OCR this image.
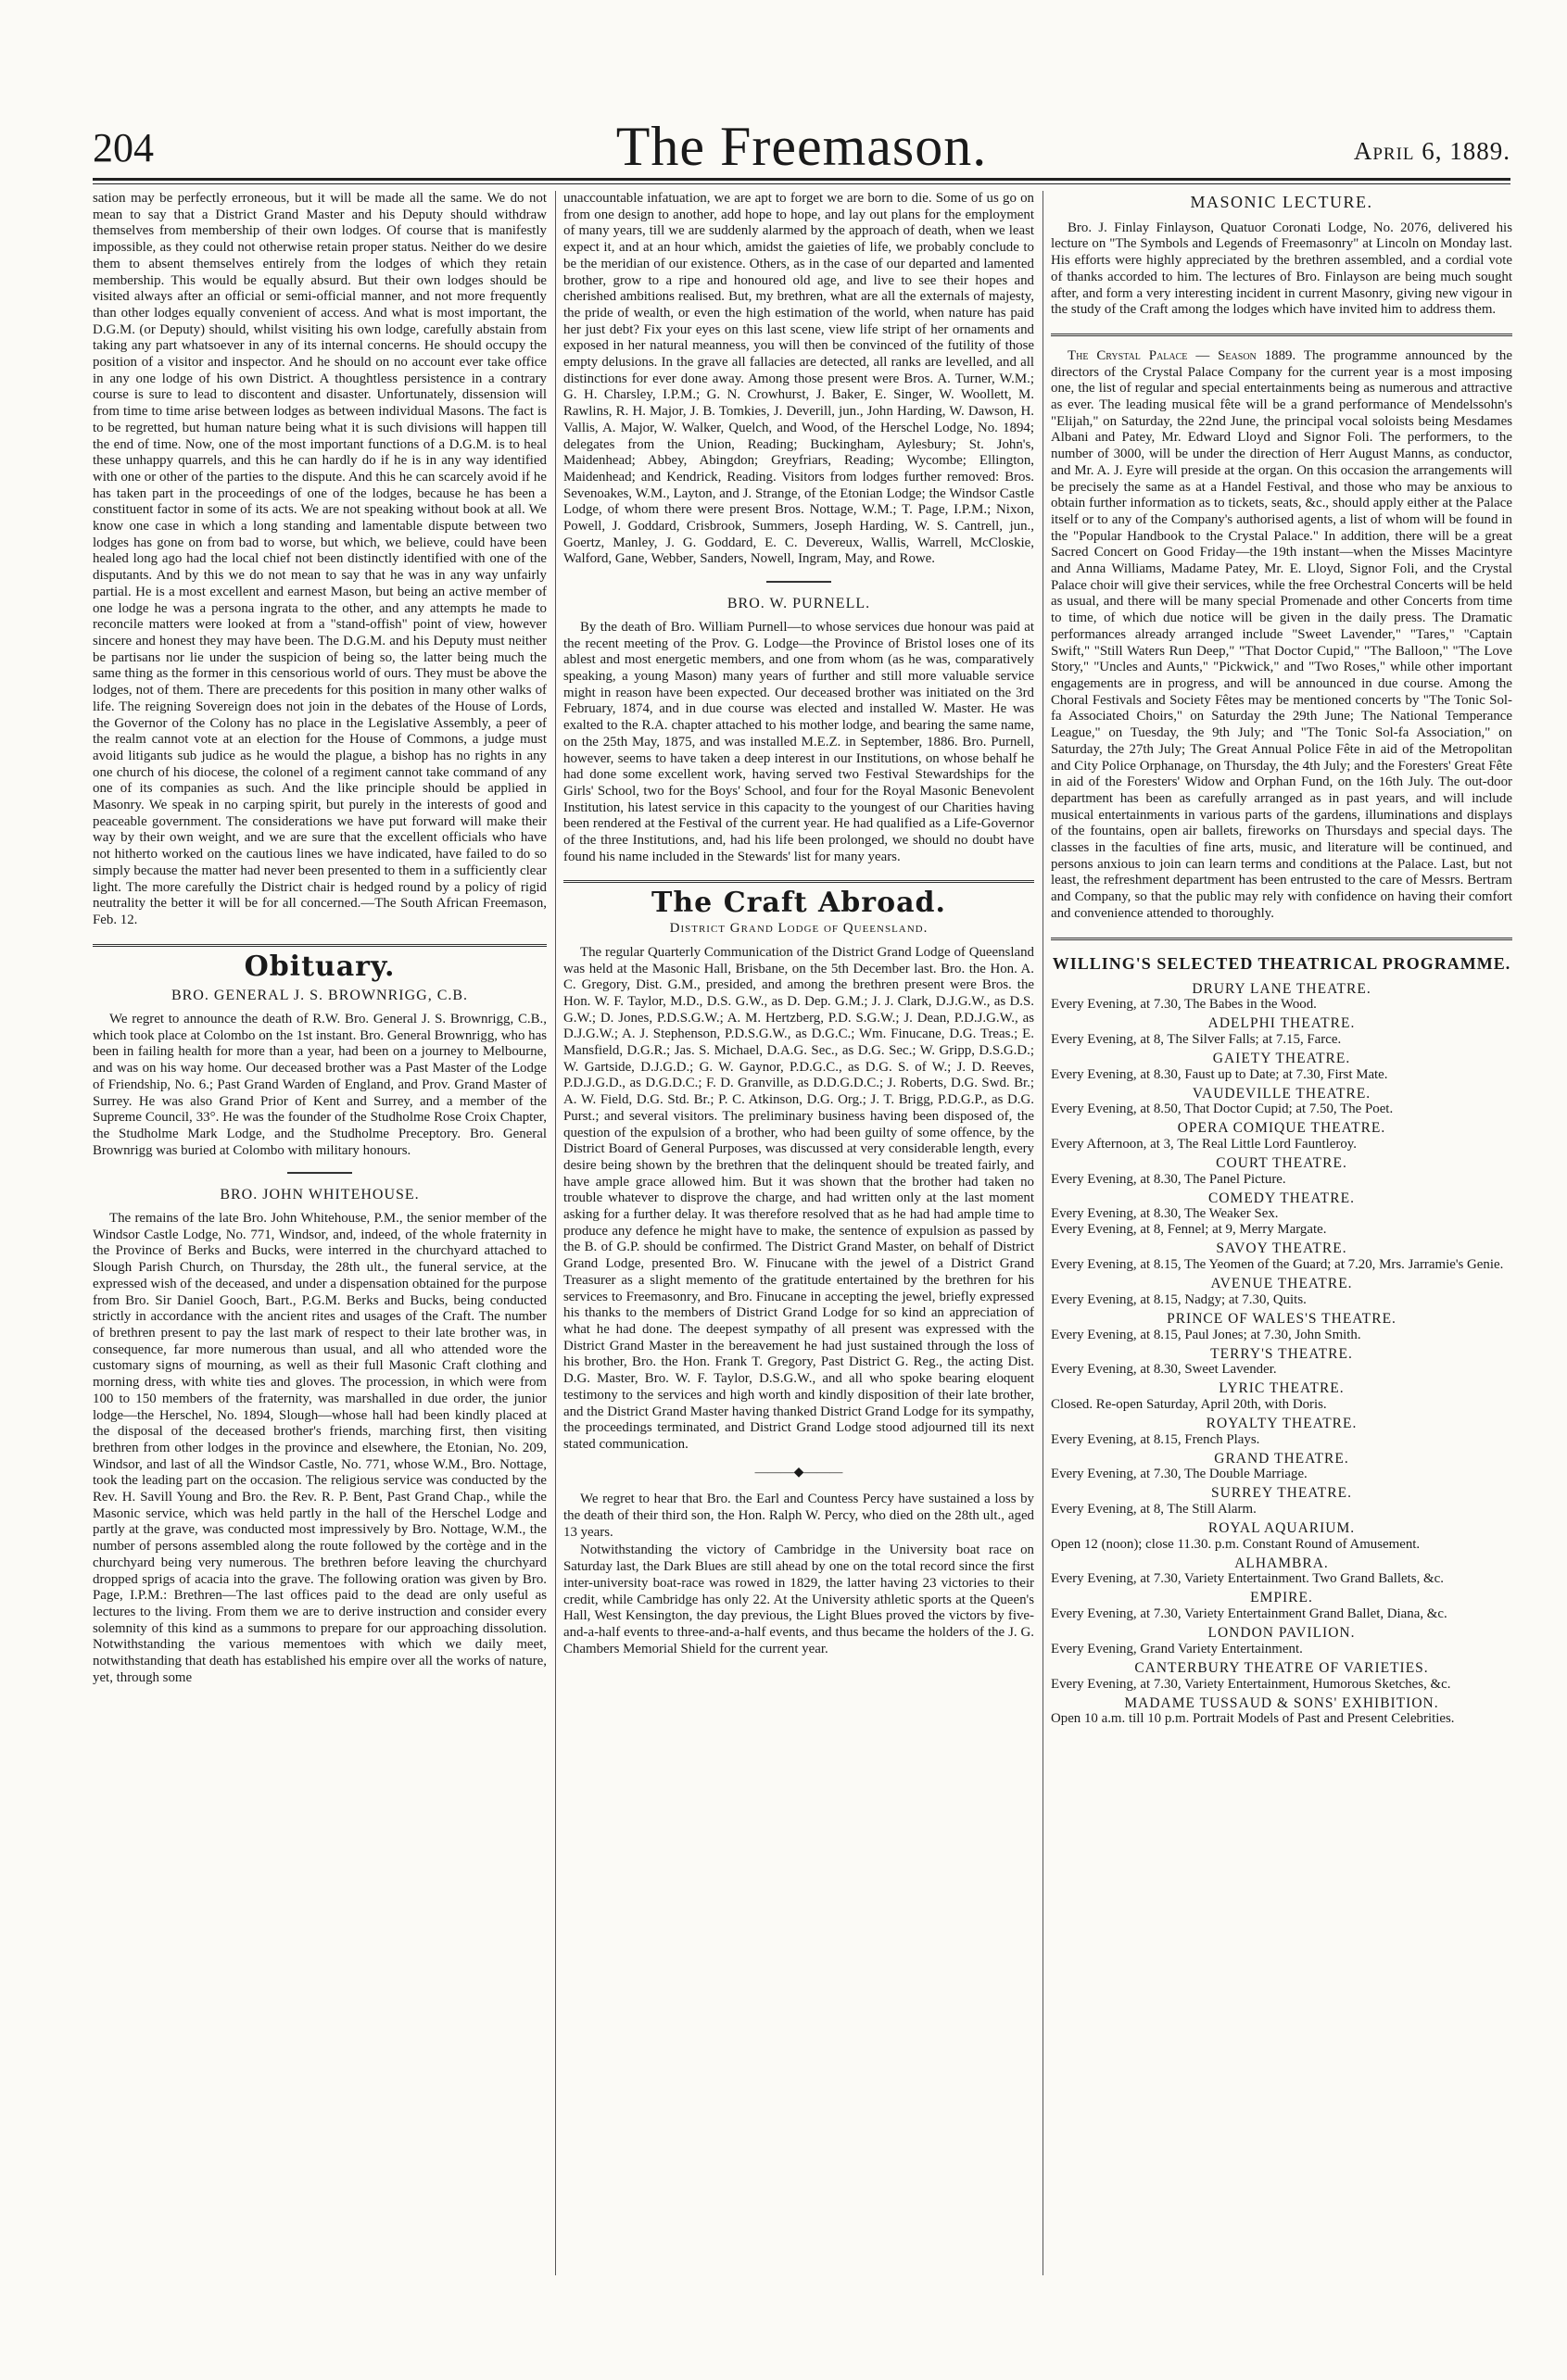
204	The Freemason.	April 6, 1889.

sation may be perfectly erroneous, but it will be made all the same. We do not mean to say that a District Grand Master and his Deputy should withdraw themselves from membership of their own lodges. Of course that is manifestly impossible, as they could not otherwise retain proper status. Neither do we desire them to absent themselves entirely from the lodges of which they retain membership. This would be equally absurd. But their own lodges should be visited always after an official or semi-official manner, and not more frequently than other lodges equally convenient of access. And what is most important, the D.G.M. (or Deputy) should, whilst visiting his own lodge, carefully abstain from taking any part whatsoever in any of its internal concerns. He should occupy the position of a visitor and inspector. And he should on no account ever take office in any one lodge of his own District. A thoughtless persistence in a contrary course is sure to lead to discontent and disaster. Unfortunately, dissension will from time to time arise between lodges as between individual Masons. The fact is to be regretted, but human nature being what it is such divisions will happen till the end of time. Now, one of the most important functions of a D.G.M. is to heal these unhappy quarrels, and this he can hardly do if he is in any way identified with one or other of the parties to the dispute. And this he can scarcely avoid if he has taken part in the proceedings of one of the lodges, because he has been a constituent factor in some of its acts. We are not speaking without book at all. We know one case in which a long standing and lamentable dispute between two lodges has gone on from bad to worse, but which, we believe, could have been healed long ago had the local chief not been distinctly identified with one of the disputants. And by this we do not mean to say that he was in any way unfairly partial. He is a most excellent and earnest Mason, but being an active member of one lodge he was a persona ingrata to the other, and any attempts he made to reconcile matters were looked at from a "stand-offish" point of view, however sincere and honest they may have been. The D.G.M. and his Deputy must neither be partisans nor lie under the suspicion of being so, the latter being much the same thing as the former in this censorious world of ours. They must be above the lodges, not of them. There are precedents for this position in many other walks of life. The reigning Sovereign does not join in the debates of the House of Lords, the Governor of the Colony has no place in the Legislative Assembly, a peer of the realm cannot vote at an election for the House of Commons, a judge must avoid litigants sub judice as he would the plague, a bishop has no rights in any one church of his diocese, the colonel of a regiment cannot take command of any one of its companies as such. And the like principle should be applied in Masonry. We speak in no carping spirit, but purely in the interests of good and peaceable government. The considerations we have put forward will make their way by their own weight, and we are sure that the excellent officials who have not hitherto worked on the cautious lines we have indicated, have failed to do so simply because the matter had never been presented to them in a sufficiently clear light. The more carefully the District chair is hedged round by a policy of rigid neutrality the better it will be for all concerned.—The South African Freemason, Feb. 12.

Obituary.
BRO. GENERAL J. S. BROWNRIGG, C.B.

We regret to announce the death of R.W. Bro. General J. S. Brownrigg, C.B., which took place at Colombo on the 1st instant. Bro. General Brownrigg, who has been in failing health for more than a year, had been on a journey to Melbourne, and was on his way home. Our deceased brother was a Past Master of the Lodge of Friendship, No. 6.; Past Grand Warden of England, and Prov. Grand Master of Surrey. He was also Grand Prior of Kent and Surrey, and a member of the Supreme Council, 33°. He was the founder of the Studholme Rose Croix Chapter, the Studholme Mark Lodge, and the Studholme Preceptory. Bro. General Brownrigg was buried at Colombo with military honours.

BRO. JOHN WHITEHOUSE.

The remains of the late Bro. John Whitehouse, P.M., the senior member of the Windsor Castle Lodge, No. 771, Windsor, and, indeed, of the whole fraternity in the Province of Berks and Bucks, were interred in the churchyard attached to Slough Parish Church, on Thursday, the 28th ult., the funeral service, at the expressed wish of the deceased, and under a dispensation obtained for the purpose from Bro. Sir Daniel Gooch, Bart., P.G.M. Berks and Bucks, being conducted strictly in accordance with the ancient rites and usages of the Craft. The number of brethren present to pay the last mark of respect to their late brother was, in consequence, far more numerous than usual, and all who attended wore the customary signs of mourning, as well as their full Masonic Craft clothing and morning dress, with white ties and gloves. The procession, in which were from 100 to 150 members of the fraternity, was marshalled in due order, the junior lodge—the Herschel, No. 1894, Slough—whose hall had been kindly placed at the disposal of the deceased brother's friends, marching first, then visiting brethren from other lodges in the province and elsewhere, the Etonian, No. 209, Windsor, and last of all the Windsor Castle, No. 771, whose W.M., Bro. Nottage, took the leading part on the occasion. The religious service was conducted by the Rev. H. Savill Young and Bro. the Rev. R. P. Bent, Past Grand Chap., while the Masonic service, which was held partly in the hall of the Herschel Lodge and partly at the grave, was conducted most impressively by Bro. Nottage, W.M., the number of persons assembled along the route followed by the cortège and in the churchyard being very numerous. The brethren before leaving the churchyard dropped sprigs of acacia into the grave. The following oration was given by Bro. Page, I.P.M.: Brethren—The last offices paid to the dead are only useful as lectures to the living. From them we are to derive instruction and consider every solemnity of this kind as a summons to prepare for our approaching dissolution. Notwithstanding the various mementoes with which we daily meet, notwithstanding that death has established his empire over all the works of nature, yet, through some

unaccountable infatuation, we are apt to forget we are born to die. Some of us go on from one design to another, add hope to hope, and lay out plans for the employment of many years, till we are suddenly alarmed by the approach of death, when we least expect it, and at an hour which, amidst the gaieties of life, we probably conclude to be the meridian of our existence. Others, as in the case of our departed and lamented brother, grow to a ripe and honoured old age, and live to see their hopes and cherished ambitions realised. But, my brethren, what are all the externals of majesty, the pride of wealth, or even the high estimation of the world, when nature has paid her just debt? Fix your eyes on this last scene, view life stript of her ornaments and exposed in her natural meanness, you will then be convinced of the futility of those empty delusions. In the grave all fallacies are detected, all ranks are levelled, and all distinctions for ever done away. Among those present were Bros. A. Turner, W.M.; G. H. Charsley, I.P.M.; G. N. Crowhurst, J. Baker, E. Singer, W. Woollett, M. Rawlins, R. H. Major, J. B. Tomkies, J. Deverill, jun., John Harding, W. Dawson, H. Vallis, A. Major, W. Walker, Quelch, and Wood, of the Herschel Lodge, No. 1894; delegates from the Union, Reading; Buckingham, Aylesbury; St. John's, Maidenhead; Abbey, Abingdon; Greyfriars, Reading; Wycombe; Ellington, Maidenhead; and Kendrick, Reading. Visitors from lodges further removed: Bros. Sevenoakes, W.M., Layton, and J. Strange, of the Etonian Lodge; the Windsor Castle Lodge, of whom there were present Bros. Nottage, W.M.; T. Page, I.P.M.; Nixon, Powell, J. Goddard, Crisbrook, Summers, Joseph Harding, W. S. Cantrell, jun., Goertz, Manley, J. G. Goddard, E. C. Devereux, Wallis, Warrell, McCloskie, Walford, Gane, Webber, Sanders, Nowell, Ingram, May, and Rowe.

BRO. W. PURNELL.

By the death of Bro. William Purnell—to whose services due honour was paid at the recent meeting of the Prov. G. Lodge—the Province of Bristol loses one of its ablest and most energetic members, and one from whom (as he was, comparatively speaking, a young Mason) many years of further and still more valuable service might in reason have been expected. Our deceased brother was initiated on the 3rd February, 1874, and in due course was elected and installed W. Master. He was exalted to the R.A. chapter attached to his mother lodge, and bearing the same name, on the 25th May, 1875, and was installed M.E.Z. in September, 1886. Bro. Purnell, however, seems to have taken a deep interest in our Institutions, on whose behalf he had done some excellent work, having served two Festival Stewardships for the Girls' School, two for the Boys' School, and four for the Royal Masonic Benevolent Institution, his latest service in this capacity to the youngest of our Charities having been rendered at the Festival of the current year. He had qualified as a Life-Governor of the three Institutions, and, had his life been prolonged, we should no doubt have found his name included in the Stewards' list for many years.

The Craft Abroad.
District Grand Lodge of Queensland.

The regular Quarterly Communication of the District Grand Lodge of Queensland was held at the Masonic Hall, Brisbane, on the 5th December last. Bro. the Hon. A. C. Gregory, Dist. G.M., presided, and among the brethren present were Bros. the Hon. W. F. Taylor, M.D., D.S. G.W., as D. Dep. G.M.; J. J. Clark, D.J.G.W., as D.S. G.W.; D. Jones, P.D.S.G.W.; A. M. Hertzberg, P.D. S.G.W.; J. Dean, P.D.J.G.W., as D.J.G.W.; A. J. Stephenson, P.D.S.G.W., as D.G.C.; Wm. Finucane, D.G. Treas.; E. Mansfield, D.G.R.; Jas. S. Michael, D.A.G. Sec., as D.G. Sec.; W. Gripp, D.S.G.D.; W. Gartside, D.J.G.D.; G. W. Gaynor, P.D.G.C., as D.G. S. of W.; J. D. Reeves, P.D.J.G.D., as D.G.D.C.; F. D. Granville, as D.D.G.D.C.; J. Roberts, D.G. Swd. Br.; A. W. Field, D.G. Std. Br.; P. C. Atkinson, D.G. Org.; J. T. Brigg, P.D.G.P., as D.G. Purst.; and several visitors. The preliminary business having been disposed of, the question of the expulsion of a brother, who had been guilty of some offence, by the District Board of General Purposes, was discussed at very considerable length, every desire being shown by the brethren that the delinquent should be treated fairly, and have ample grace allowed him. But it was shown that the brother had taken no trouble whatever to disprove the charge, and had written only at the last moment asking for a further delay. It was therefore resolved that as he had had ample time to produce any defence he might have to make, the sentence of expulsion as passed by the B. of G.P. should be confirmed. The District Grand Master, on behalf of District Grand Lodge, presented Bro. W. Finucane with the jewel of a District Grand Treasurer as a slight memento of the gratitude entertained by the brethren for his services to Freemasonry, and Bro. Finucane in accepting the jewel, briefly expressed his thanks to the members of District Grand Lodge for so kind an appreciation of what he had done. The deepest sympathy of all present was expressed with the District Grand Master in the bereavement he had just sustained through the loss of his brother, Bro. the Hon. Frank T. Gregory, Past District G. Reg., the acting Dist. D.G. Master, Bro. W. F. Taylor, D.S.G.W., and all who spoke bearing eloquent testimony to the services and high worth and kindly disposition of their late brother, and the District Grand Master having thanked District Grand Lodge for its sympathy, the proceedings terminated, and District Grand Lodge stood adjourned till its next stated communication.

———◆———

We regret to hear that Bro. the Earl and Countess Percy have sustained a loss by the death of their third son, the Hon. Ralph W. Percy, who died on the 28th ult., aged 13 years.

Notwithstanding the victory of Cambridge in the University boat race on Saturday last, the Dark Blues are still ahead by one on the total record since the first inter-university boat-race was rowed in 1829, the latter having 23 victories to their credit, while Cambridge has only 22. At the University athletic sports at the Queen's Hall, West Kensington, the day previous, the Light Blues proved the victors by five-and-a-half events to three-and-a-half events, and thus became the holders of the J. G. Chambers Memorial Shield for the current year.

MASONIC LECTURE.

Bro. J. Finlay Finlayson, Quatuor Coronati Lodge, No. 2076, delivered his lecture on "The Symbols and Legends of Freemasonry" at Lincoln on Monday last. His efforts were highly appreciated by the brethren assembled, and a cordial vote of thanks accorded to him. The lectures of Bro. Finlayson are being much sought after, and form a very interesting incident in current Masonry, giving new vigour in the study of the Craft among the lodges which have invited him to address them.

The Crystal Palace — Season 1889. The programme announced by the directors of the Crystal Palace Company for the current year is a most imposing one, the list of regular and special entertainments being as numerous and attractive as ever. The leading musical fête will be a grand performance of Mendelssohn's "Elijah," on Saturday, the 22nd June, the principal vocal soloists being Mesdames Albani and Patey, Mr. Edward Lloyd and Signor Foli. The performers, to the number of 3000, will be under the direction of Herr August Manns, as conductor, and Mr. A. J. Eyre will preside at the organ. On this occasion the arrangements will be precisely the same as at a Handel Festival, and those who may be anxious to obtain further information as to tickets, seats, &c., should apply either at the Palace itself or to any of the Company's authorised agents, a list of whom will be found in the "Popular Handbook to the Crystal Palace." In addition, there will be a great Sacred Concert on Good Friday—the 19th instant—when the Misses Macintyre and Anna Williams, Madame Patey, Mr. E. Lloyd, Signor Foli, and the Crystal Palace choir will give their services, while the free Orchestral Concerts will be held as usual, and there will be many special Promenade and other Concerts from time to time, of which due notice will be given in the daily press. The Dramatic performances already arranged include "Sweet Lavender," "Tares," "Captain Swift," "Still Waters Run Deep," "That Doctor Cupid," "The Balloon," "The Love Story," "Uncles and Aunts," "Pickwick," and "Two Roses," while other important engagements are in progress, and will be announced in due course. Among the Choral Festivals and Society Fêtes may be mentioned concerts by "The Tonic Sol-fa Associated Choirs," on Saturday the 29th June; The National Temperance League," on Tuesday, the 9th July; and "The Tonic Sol-fa Association," on Saturday, the 27th July; The Great Annual Police Fête in aid of the Metropolitan and City Police Orphanage, on Thursday, the 4th July; and the Foresters' Great Fête in aid of the Foresters' Widow and Orphan Fund, on the 16th July. The out-door department has been as carefully arranged as in past years, and will include musical entertainments in various parts of the gardens, illuminations and displays of the fountains, open air ballets, fireworks on Thursdays and special days. The classes in the faculties of fine arts, music, and literature will be continued, and persons anxious to join can learn terms and conditions at the Palace. Last, but not least, the refreshment department has been entrusted to the care of Messrs. Bertram and Company, so that the public may rely with confidence on having their comfort and convenience attended to thoroughly.

WILLING'S SELECTED THEATRICAL PROGRAMME.
DRURY LANE THEATRE.
Every Evening, at 7.30, The Babes in the Wood.
ADELPHI THEATRE.
Every Evening, at 8, The Silver Falls; at 7.15, Farce.
GAIETY THEATRE.
Every Evening, at 8.30, Faust up to Date; at 7.30, First Mate.
VAUDEVILLE THEATRE.
Every Evening, at 8.50, That Doctor Cupid; at 7.50, The Poet.
OPERA COMIQUE THEATRE.
Every Afternoon, at 3, The Real Little Lord Fauntleroy.
COURT THEATRE.
Every Evening, at 8.30, The Panel Picture.
COMEDY THEATRE.
Every Evening, at 8.30, The Weaker Sex.
Every Evening, at 8, Fennel; at 9, Merry Margate.
SAVOY THEATRE.
Every Evening, at 8.15, The Yeomen of the Guard; at 7.20, Mrs. Jarramie's Genie.
AVENUE THEATRE.
Every Evening, at 8.15, Nadgy; at 7.30, Quits.
PRINCE OF WALES'S THEATRE.
Every Evening, at 8.15, Paul Jones; at 7.30, John Smith.
TERRY'S THEATRE.
Every Evening, at 8.30, Sweet Lavender.
LYRIC THEATRE.
Closed. Re-open Saturday, April 20th, with Doris.
ROYALTY THEATRE.
Every Evening, at 8.15, French Plays.
GRAND THEATRE.
Every Evening, at 7.30, The Double Marriage.
SURREY THEATRE.
Every Evening, at 8, The Still Alarm.
ROYAL AQUARIUM.
Open 12 (noon); close 11.30. p.m. Constant Round of Amusement.
ALHAMBRA.
Every Evening, at 7.30, Variety Entertainment. Two Grand Ballets, &c.
EMPIRE.
Every Evening, at 7.30, Variety Entertainment Grand Ballet, Diana, &c.
LONDON PAVILION.
Every Evening, Grand Variety Entertainment.
CANTERBURY THEATRE OF VARIETIES.
Every Evening, at 7.30, Variety Entertainment, Humorous Sketches, &c.
MADAME TUSSAUD & SONS' EXHIBITION.
Open 10 a.m. till 10 p.m. Portrait Models of Past and Present Celebrities.
